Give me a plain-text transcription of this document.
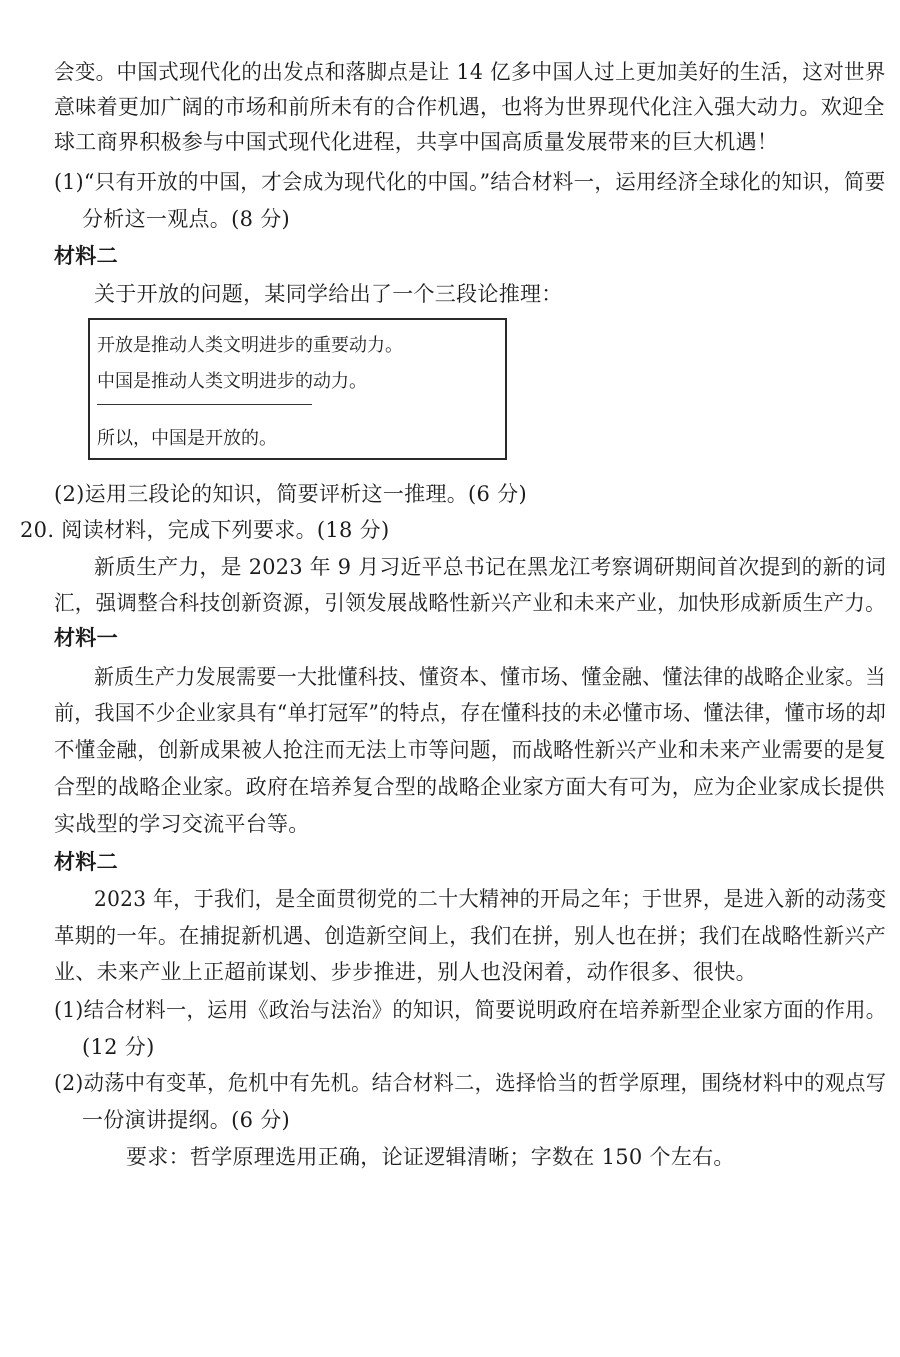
会变。中国式现代化的出发点和落脚点是让 14 亿多中国人过上更加美好的生活，这对世界
意味着更加广阔的市场和前所未有的合作机遇，也将为世界现代化注入强大动力。欢迎全
球工商界积极参与中国式现代化进程，共享中国高质量发展带来的巨大机遇！
(1)“只有开放的中国，才会成为现代化的中国。”结合材料一，运用经济全球化的知识，简要
分析这一观点。(8 分)
材料二
关于开放的问题，某同学给出了一个三段论推理：
开放是推动人类文明进步的重要动力。
中国是推动人类文明进步的动力。
所以，中国是开放的。
(2)运用三段论的知识，简要评析这一推理。(6 分)
20. 阅读材料，完成下列要求。(18 分)
新质生产力，是 2023 年 9 月习近平总书记在黑龙江考察调研期间首次提到的新的词
汇，强调整合科技创新资源，引领发展战略性新兴产业和未来产业，加快形成新质生产力。
材料一
新质生产力发展需要一大批懂科技、懂资本、懂市场、懂金融、懂法律的战略企业家。当
前，我国不少企业家具有“单打冠军”的特点，存在懂科技的未必懂市场、懂法律，懂市场的却
不懂金融，创新成果被人抢注而无法上市等问题，而战略性新兴产业和未来产业需要的是复
合型的战略企业家。政府在培养复合型的战略企业家方面大有可为，应为企业家成长提供
实战型的学习交流平台等。
材料二
2023 年，于我们，是全面贯彻党的二十大精神的开局之年；于世界，是进入新的动荡变
革期的一年。在捕捉新机遇、创造新空间上，我们在拼，别人也在拼；我们在战略性新兴产
业、未来产业上正超前谋划、步步推进，别人也没闲着，动作很多、很快。
(1)结合材料一，运用《政治与法治》的知识，简要说明政府在培养新型企业家方面的作用。
(12 分)
(2)动荡中有变革，危机中有先机。结合材料二，选择恰当的哲学原理，围绕材料中的观点写
一份演讲提纲。(6 分)
要求：哲学原理选用正确，论证逻辑清晰；字数在 150 个左右。
